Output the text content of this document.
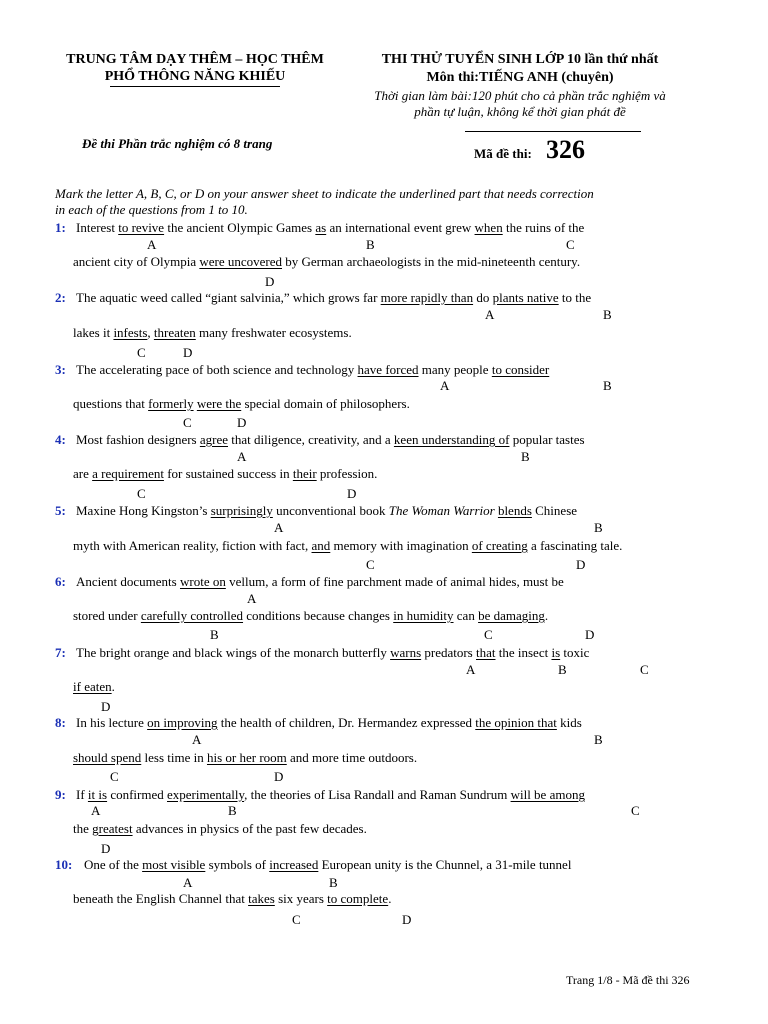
TRUNG TÂM DẠY THÊM – HỌC THÊM
PHỔ THÔNG NĂNG KHIẾU
THI THỬ TUYỂN SINH LỚP 10 lần thứ nhất
Môn thi:TIẾNG ANH (chuyên)
Thời gian làm bài:120 phút cho cả phần trắc nghiệm và
phần tự luận, không kể thời gian phát đề
Đề thi Phần trắc nghiệm có 8 trang
Mã đề thi: 326
Mark the letter A, B, C, or D on your answer sheet to indicate the underlined part that needs correction
in each of the questions from 1 to 10.
1: Interest to revive the ancient Olympic Games as an international event grew when the ruins of the
ancient city of Olympia were uncovered by German archaeologists in the mid-nineteenth century.
A	B	C
D
2: The aquatic weed called “giant salvinia,” which grows far more rapidly than do plants native to the
lakes it infests, threaten many freshwater ecosystems.
A	B
C	D
3: The accelerating pace of both science and technology have forced many people to consider
questions that formerly were the special domain of philosophers.
A	B
C	D
4: Most fashion designers agree that diligence, creativity, and a keen understanding of popular tastes
are a requirement for sustained success in their profession.
A	B
C	D
5: Maxine Hong Kingston’s surprisingly unconventional book The Woman Warrior blends Chinese
myth with American reality, fiction with fact, and memory with imagination of creating a fascinating tale.
A	B
C	D
6: Ancient documents wrote on vellum, a form of fine parchment made of animal hides, must be
stored under carefully controlled conditions because changes in humidity can be damaging.
A
B	C	D
7: The bright orange and black wings of the monarch butterfly warns predators that the insect is toxic
if eaten.
A	B	C
D
8: In his lecture on improving the health of children, Dr. Hermandez expressed the opinion that kids
should spend less time in his or her room and more time outdoors.
A	B
C	D
9: If it is confirmed experimentally, the theories of Lisa Randall and Raman Sundrum will be among
the greatest advances in physics of the past few decades.
A	B	C
D
10: One of the most visible symbols of increased European unity is the Chunnel, a 31-mile tunnel
beneath the English Channel that takes six years to complete.
A	B
C	D
Trang 1/8 - Mã đề thi 326
